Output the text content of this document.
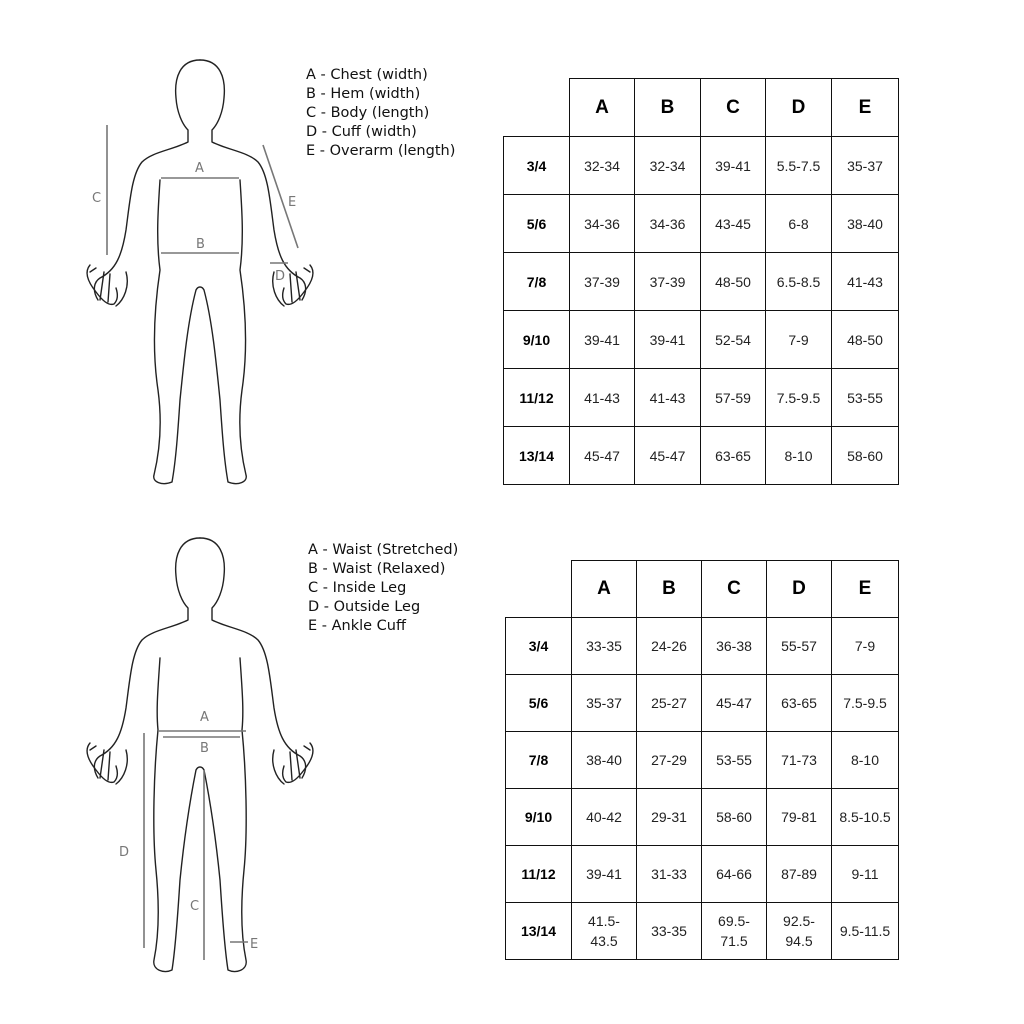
A
B
C
D
E
A - Chest (width)
B - Hem (width)
C - Body (length)
D - Cuff (width)
E - Overarm (length)
	A	B	C	D	E
3/4	32-34	32-34	39-41	5.5-7.5	35-37
5/6	34-36	34-36	43-45	6-8	38-40
7/8	37-39	37-39	48-50	6.5-8.5	41-43
9/10	39-41	39-41	52-54	7-9	48-50
11/12	41-43	41-43	57-59	7.5-9.5	53-55
13/14	45-47	45-47	63-65	8-10	58-60
A
B
C
D
E
A - Waist (Stretched)
B - Waist (Relaxed)
C - Inside Leg
D - Outside Leg
E - Ankle Cuff
	A	B	C	D	E
3/4	33-35	24-26	36-38	55-57	7-9
5/6	35-37	25-27	45-47	63-65	7.5-9.5
7/8	38-40	27-29	53-55	71-73	8-10
9/10	40-42	29-31	58-60	79-81	8.5-10.5
11/12	39-41	31-33	64-66	87-89	9-11
13/14	41.5-43.5	33-35	69.5-71.5	92.5-94.5	9.5-11.5
